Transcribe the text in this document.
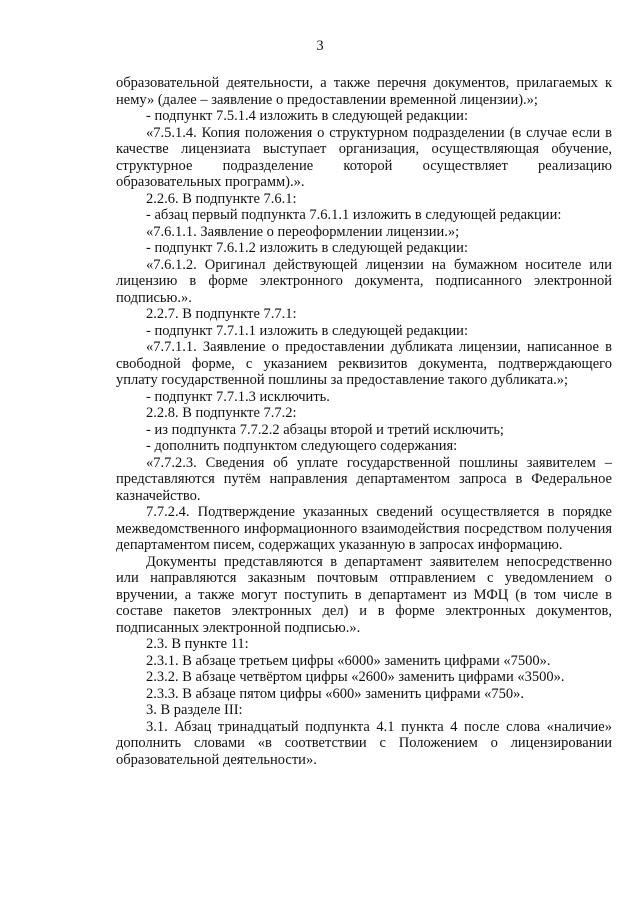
3

образовательной деятельности, а также перечня документов, прилагаемых к нему» (далее – заявление о предоставлении временной лицензии).»;

- подпункт 7.5.1.4 изложить в следующей редакции:

«7.5.1.4. Копия положения о структурном подразделении (в случае если в качестве лицензиата выступает организация, осуществляющая обучение, структурное подразделение которой осуществляет реализацию образовательных программ).».

2.2.6. В подпункте 7.6.1:

- абзац первый подпункта 7.6.1.1 изложить в следующей редакции:

«7.6.1.1. Заявление о переоформлении лицензии.»;

- подпункт 7.6.1.2 изложить в следующей редакции:

«7.6.1.2. Оригинал действующей лицензии на бумажном носителе или лицензию в форме электронного документа, подписанного электронной подписью.».

2.2.7. В подпункте 7.7.1:

- подпункт 7.7.1.1 изложить в следующей редакции:

«7.7.1.1. Заявление о предоставлении дубликата лицензии, написанное в свободной форме, с указанием реквизитов документа, подтверждающего уплату государственной пошлины за предоставление такого дубликата.»;

- подпункт 7.7.1.3 исключить.

2.2.8. В подпункте 7.7.2:

- из подпункта 7.7.2.2 абзацы второй и третий исключить;

- дополнить подпунктом следующего содержания:

«7.7.2.3. Сведения об уплате государственной пошлины заявителем – представляются путём направления департаментом запроса в Федеральное казначейство.

7.7.2.4. Подтверждение указанных сведений осуществляется в порядке межведомственного информационного взаимодействия посредством получения департаментом писем, содержащих указанную в запросах информацию.

Документы представляются в департамент заявителем непосредственно или направляются заказным почтовым отправлением с уведомлением о вручении, а также могут поступить в департамент из МФЦ (в том числе в составе пакетов электронных дел) и в форме электронных документов, подписанных электронной подписью.».

2.3. В пункте 11:

2.3.1. В абзаце третьем цифры «6000» заменить цифрами «7500».

2.3.2. В абзаце четвёртом цифры «2600» заменить цифрами «3500».

2.3.3. В абзаце пятом цифры «600» заменить цифрами «750».

3. В разделе III:

3.1. Абзац тринадцатый подпункта 4.1 пункта 4 после слова «наличие» дополнить словами «в соответствии с Положением о лицензировании образовательной деятельности».
